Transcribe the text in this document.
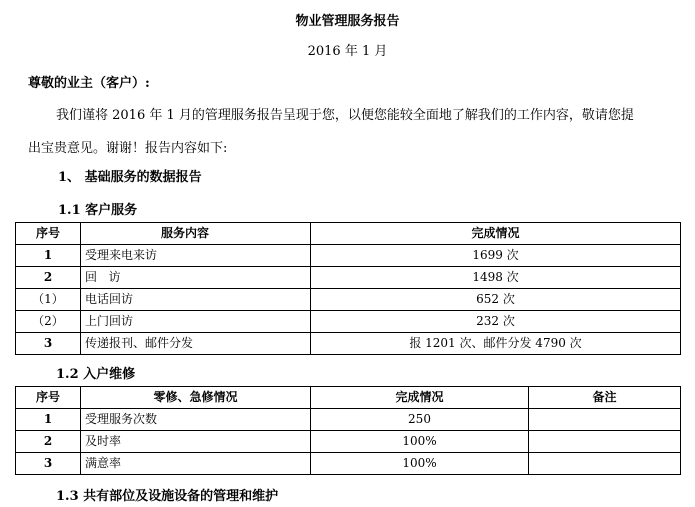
物业管理服务报告
2016 年 1 月
尊敬的业主（客户）:
我们谨将 2016 年 1 月的管理服务报告呈现于您，以便您能较全面地了解我们的工作内容，敬请您提
出宝贵意见。谢谢！报告内容如下:
1、 基础服务的数据报告
1.1 客户服务
序号	服务内容	完成情况
1	受理来电来访	1699 次
2	回   访	1498 次
（1）	电话回访	652 次
（2）	上门回访	232 次
3	传递报刊、邮件分发	报 1201 次、邮件分发 4790 次
1.2 入户维修
序号	零修、急修情况	完成情况	备注
1	受理服务次数	250	
2	及时率	100%	
3	满意率	100%	
1.3 共有部位及设施设备的管理和维护
